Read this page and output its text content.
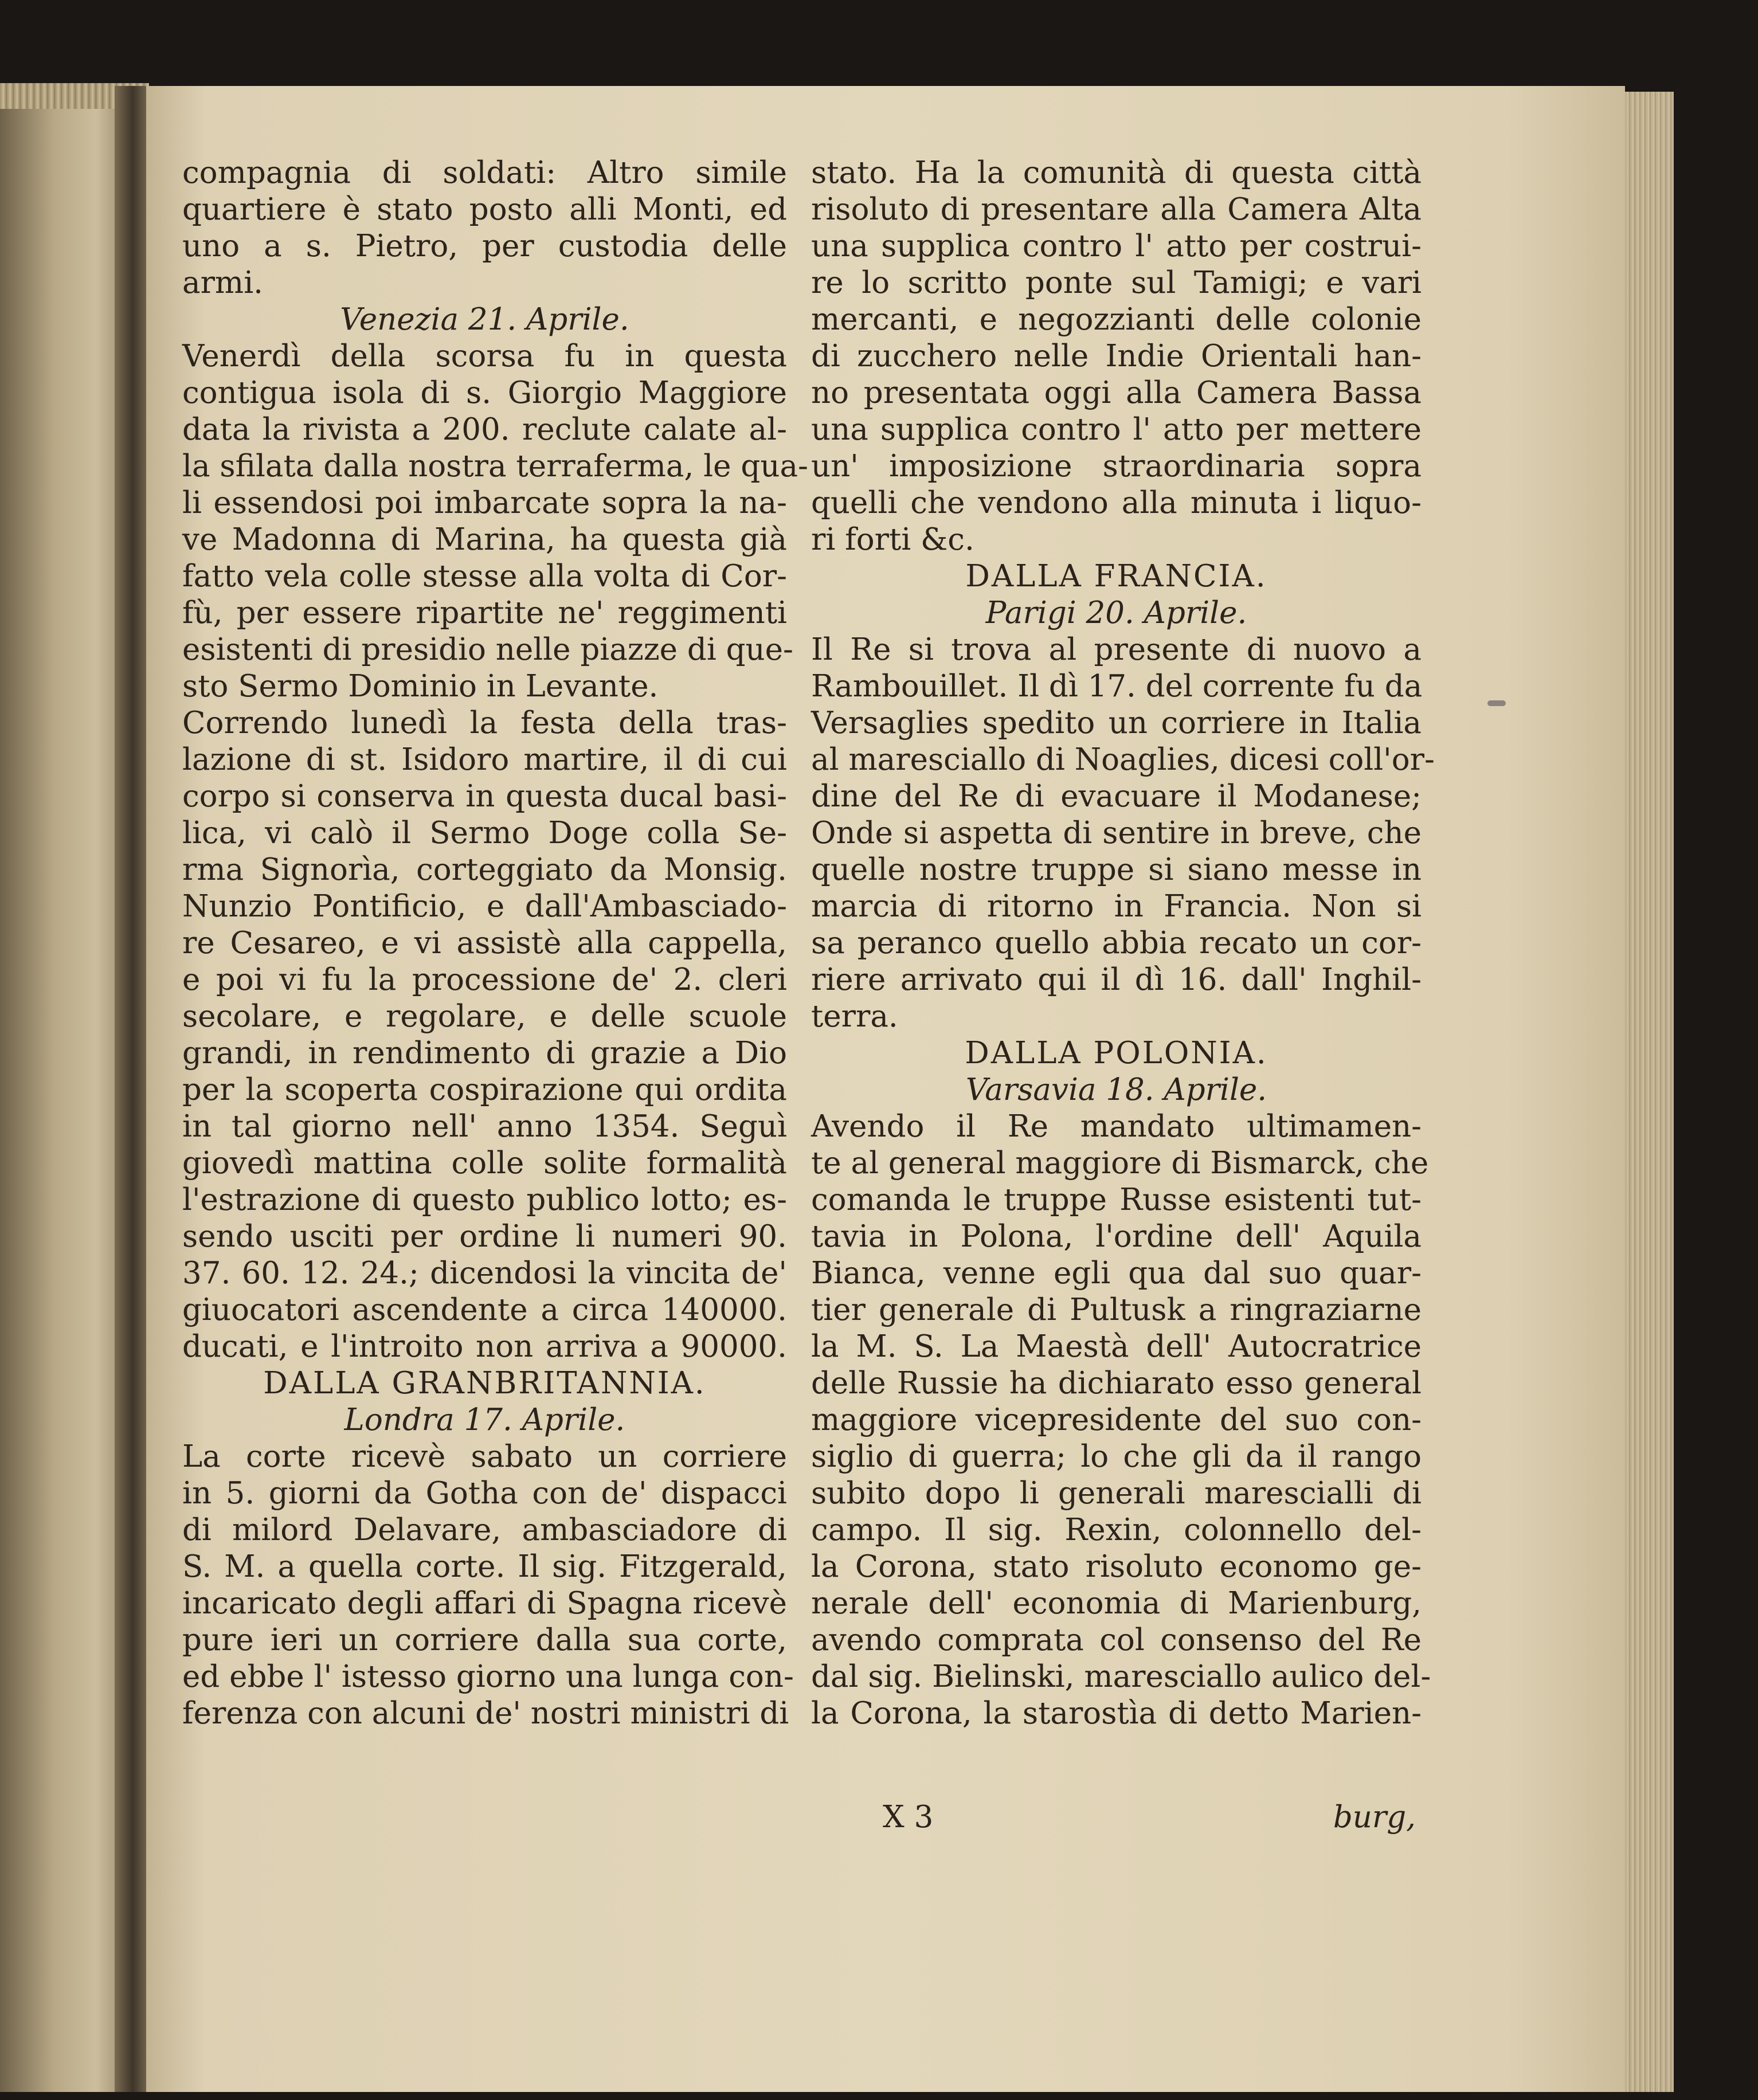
compagnia di soldati: Altro simile
quartiere è stato posto alli Monti, ed
uno a s. Pietro, per custodia delle
armi.
Venezia 21. Aprile.
Venerdì della scorsa fu in questa
contigua isola di s. Giorgio Maggiore
data la rivista a 200. reclute calate al-
la sfilata dalla nostra terraferma, le qua-
li essendosi poi imbarcate sopra la na-
ve Madonna di Marina, ha questa già
fatto vela colle stesse alla volta di Cor-
fù, per essere ripartite ne' reggimenti
esistenti di presidio nelle piazze di que-
sto Sermo Dominio in Levante.
Correndo lunedì la festa della tras-
lazione di st. Isidoro martire, il di cui
corpo si conserva in questa ducal basi-
lica, vi calò il Sermo Doge colla Se-
rma Signorìa, corteggiato da Monsig.
Nunzio Pontificio, e dall'Ambasciado-
re Cesareo, e vi assistè alla cappella,
e poi vi fu la processione de' 2. cleri
secolare, e regolare, e delle scuole
grandi, in rendimento di grazie a Dio
per la scoperta cospirazione qui ordita
in tal giorno nell' anno 1354. Seguì
giovedì mattina colle solite formalità
l'estrazione di questo publico lotto; es-
sendo usciti per ordine li numeri 90.
37. 60. 12. 24.; dicendosi la vincita de'
giuocatori ascendente a circa 140000.
ducati, e l'introito non arriva a 90000.
DALLA GRANBRITANNIA.
Londra 17. Aprile.
La corte ricevè sabato un corriere
in 5. giorni da Gotha con de' dispacci
di milord Delavare, ambasciadore di
S. M. a quella corte. Il sig. Fitzgerald,
incaricato degli affari di Spagna ricevè
pure ieri un corriere dalla sua corte,
ed ebbe l' istesso giorno una lunga con-
ferenza con alcuni de' nostri ministri di
stato. Ha la comunità di questa città
risoluto di presentare alla Camera Alta
una supplica contro l' atto per costrui-
re lo scritto ponte sul Tamigi; e vari
mercanti, e negozzianti delle colonie
di zucchero nelle Indie Orientali han-
no presentata oggi alla Camera Bassa
una supplica contro l' atto per mettere
un' imposizione straordinaria sopra
quelli che vendono alla minuta i liquo-
ri forti &c.
DALLA FRANCIA.
Parigi 20. Aprile.
Il Re si trova al presente di nuovo a
Rambouillet. Il dì 17. del corrente fu da
Versaglies spedito un corriere in Italia
al maresciallo di Noaglies, dicesi coll'or-
dine del Re di evacuare il Modanese;
Onde si aspetta di sentire in breve, che
quelle nostre truppe si siano messe in
marcia di ritorno in Francia. Non si
sa peranco quello abbia recato un cor-
riere arrivato qui il dì 16. dall' Inghil-
terra.
DALLA POLONIA.
Varsavia 18. Aprile.
Avendo il Re mandato ultimamen-
te al general maggiore di Bismarck, che
comanda le truppe Russe esistenti tut-
tavia in Polona, l'ordine dell' Aquila
Bianca, venne egli qua dal suo quar-
tier generale di Pultusk a ringraziarne
la M. S. La Maestà dell' Autocratrice
delle Russie ha dichiarato esso general
maggiore vicepresidente del suo con-
siglio di guerra; lo che gli da il rango
subito dopo li generali marescialli di
campo. Il sig. Rexin, colonnello del-
la Corona, stato risoluto economo ge-
nerale dell' economia di Marienburg,
avendo comprata col consenso del Re
dal sig. Bielinski, maresciallo aulico del-
la Corona, la starostìa di detto Marien-
X 3	burg,
